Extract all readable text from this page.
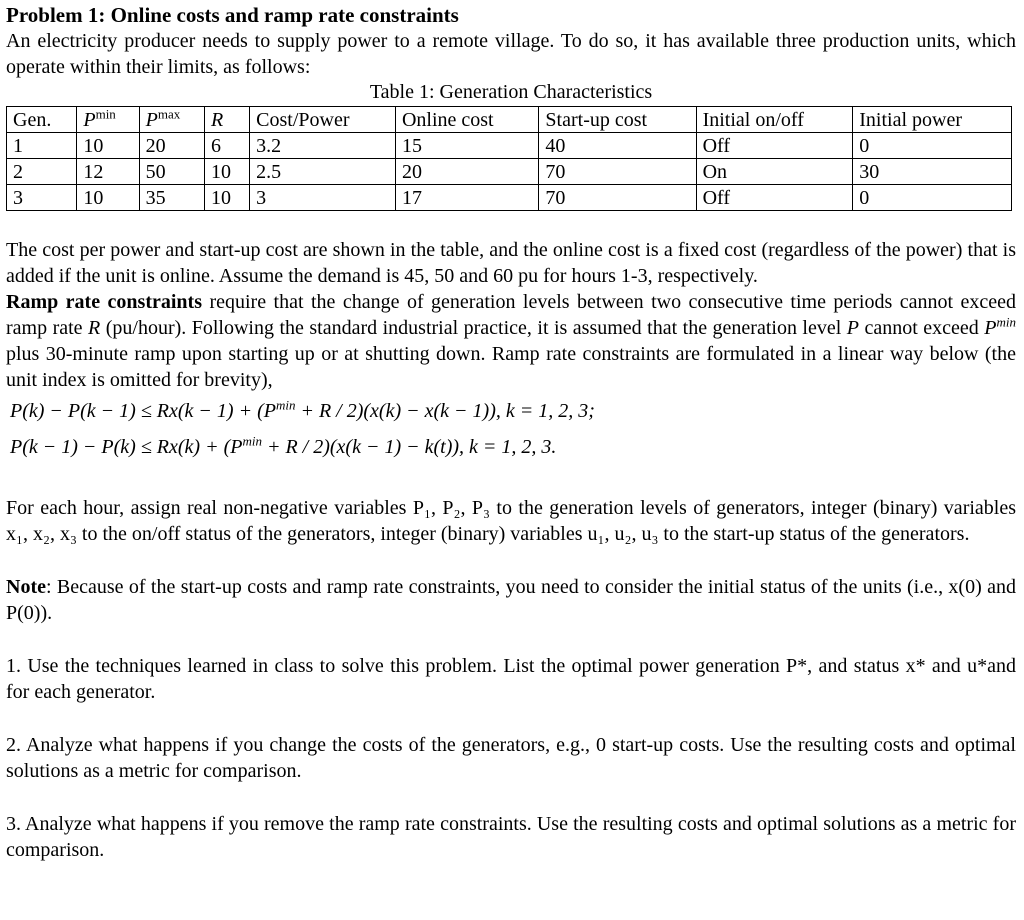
Problem 1: Online costs and ramp rate constraints

An electricity producer needs to supply power to a remote village. To do so, it has available three production units, which operate within their limits, as follows:

Table 1: Generation Characteristics
Gen.	$P^{min}$	$P^{max}$	R	Cost/Power	Online cost	Start-up cost	Initial on/off	Initial power
1	10	20	6	3.2	15	40	Off	0
2	12	50	10	2.5	20	70	On	30
3	10	35	10	3	17	70	Off	0

The cost per power and start-up cost are shown in the table, and the online cost is a fixed cost (regardless of the power) that is added if the unit is online. Assume the demand is 45, 50 and 60 pu for hours 1-3, respectively.

Ramp rate constraints require that the change of generation levels between two consecutive time periods cannot exceed ramp rate R (pu/hour). Following the standard industrial practice, it is assumed that the generation level P cannot exceed $P^{min}$ plus 30-minute ramp upon starting up or at shutting down. Ramp rate constraints are formulated in a linear way below (the unit index is omitted for brevity),

$P(k) - P(k - 1) \le Rx(k - 1) + (P^{min} + R / 2)(x(k) - x(k - 1))$, k = 1, 2, 3;
$P(k - 1) - P(k) \le Rx(k) + (P^{min} + R / 2)(x(k - 1) - k(t))$, k = 1, 2, 3.

For each hour, assign real non-negative variables P₁, P₂, P₃ to the generation levels of generators, integer (binary) variables x₁, x₂, x₃ to the on/off status of the generators, integer (binary) variables u₁, u₂, u₃ to the start-up status of the generators.

Note: Because of the start-up costs and ramp rate constraints, you need to consider the initial status of the units (i.e., x(0) and P(0)).

1. Use the techniques learned in class to solve this problem. List the optimal power generation P*, and status x* and u*and for each generator.

2. Analyze what happens if you change the costs of the generators, e.g., 0 start-up costs. Use the resulting costs and optimal solutions as a metric for comparison.

3. Analyze what happens if you remove the ramp rate constraints. Use the resulting costs and optimal solutions as a metric for comparison.
